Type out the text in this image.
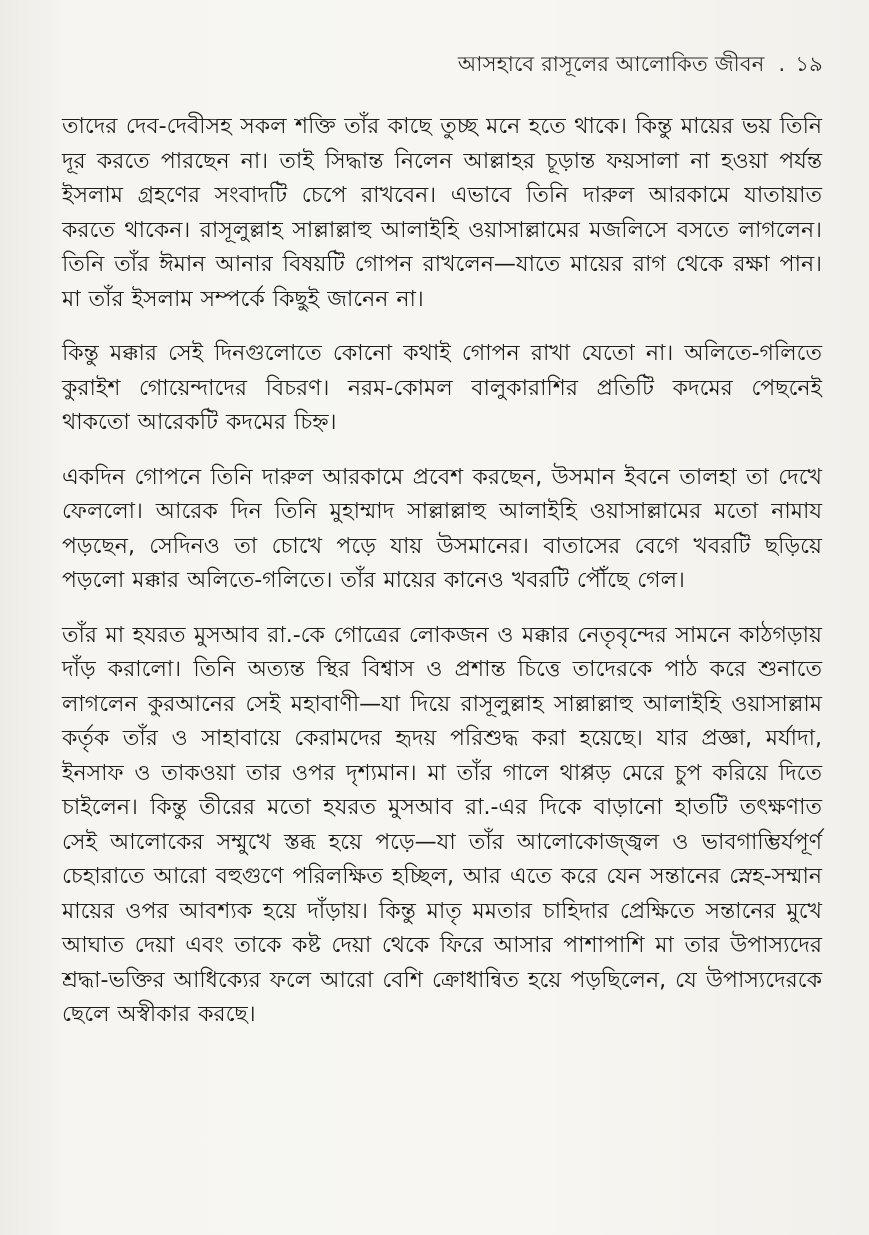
আসহাবে রাসূলের আলোকিত জীবন . ১৯

তাদের দেব-দেবীসহ সকল শক্তি তাঁর কাছে তুচ্ছ মনে হতে থাকে। কিন্তু মায়ের ভয় তিনি দূর করতে পারছেন না। তাই সিদ্ধান্ত নিলেন আল্লাহর চূড়ান্ত ফয়সালা না হওয়া পর্যন্ত ইসলাম গ্রহণের সংবাদটি চেপে রাখবেন। এভাবে তিনি দারুল আরকামে যাতায়াত করতে থাকেন। রাসূলুল্লাহ সাল্লাল্লাহু আলাইহি ওয়াসাল্লামের মজলিসে বসতে লাগলেন। তিনি তাঁর ঈমান আনার বিষয়টি গোপন রাখলেন—যাতে মায়ের রাগ থেকে রক্ষা পান। মা তাঁর ইসলাম সম্পর্কে কিছুই জানেন না।

কিন্তু মক্কার সেই দিনগুলোতে কোনো কথাই গোপন রাখা যেতো না। অলিতে-গলিতে কুরাইশ গোয়েন্দাদের বিচরণ। নরম-কোমল বালুকারাশির প্রতিটি কদমের পেছনেই থাকতো আরেকটি কদমের চিহ্ন।

একদিন গোপনে তিনি দারুল আরকামে প্রবেশ করছেন, উসমান ইবনে তালহা তা দেখে ফেললো। আরেক দিন তিনি মুহাম্মাদ সাল্লাল্লাহু আলাইহি ওয়াসাল্লামের মতো নামায পড়ছেন, সেদিনও তা চোখে পড়ে যায় উসমানের। বাতাসের বেগে খবরটি ছড়িয়ে পড়লো মক্কার অলিতে-গলিতে। তাঁর মায়ের কানেও খবরটি পৌঁছে গেল।

তাঁর মা হযরত মুসআব রা.-কে গোত্রের লোকজন ও মক্কার নেতৃবৃন্দের সামনে কাঠগড়ায় দাঁড় করালো। তিনি অত্যন্ত স্থির বিশ্বাস ও প্রশান্ত চিত্তে তাদেরকে পাঠ করে শুনাতে লাগলেন কুরআনের সেই মহাবাণী—যা দিয়ে রাসূলুল্লাহ সাল্লাল্লাহু আলাইহি ওয়াসাল্লাম কর্তৃক তাঁর ও সাহাবায়ে কেরামদের হৃদয় পরিশুদ্ধ করা হয়েছে। যার প্রজ্ঞা, মর্যাদা, ইনসাফ ও তাকওয়া তার ওপর দৃশ্যমান। মা তাঁর গালে থাপ্পড় মেরে চুপ করিয়ে দিতে চাইলেন। কিন্তু তীরের মতো হযরত মুসআব রা.-এর দিকে বাড়ানো হাতটি তৎক্ষণাত সেই আলোকের সম্মুখে স্তব্ধ হয়ে পড়ে—যা তাঁর আলোকোজ্জ্বল ও ভাবগাম্ভির্যপূর্ণ চেহারাতে আরো বহুগুণে পরিলক্ষিত হচ্ছিল, আর এতে করে যেন সন্তানের স্নেহ-সম্মান মায়ের ওপর আবশ্যক হয়ে দাঁড়ায়। কিন্তু মাতৃ মমতার চাহিদার প্রেক্ষিতে সন্তানের মুখে আঘাত দেয়া এবং তাকে কষ্ট দেয়া থেকে ফিরে আসার পাশাপাশি মা তার উপাস্যদের শ্রদ্ধা-ভক্তির আধিক্যের ফলে আরো বেশি ক্রোধান্বিত হয়ে পড়ছিলেন, যে উপাস্যদেরকে ছেলে অস্বীকার করছে।
